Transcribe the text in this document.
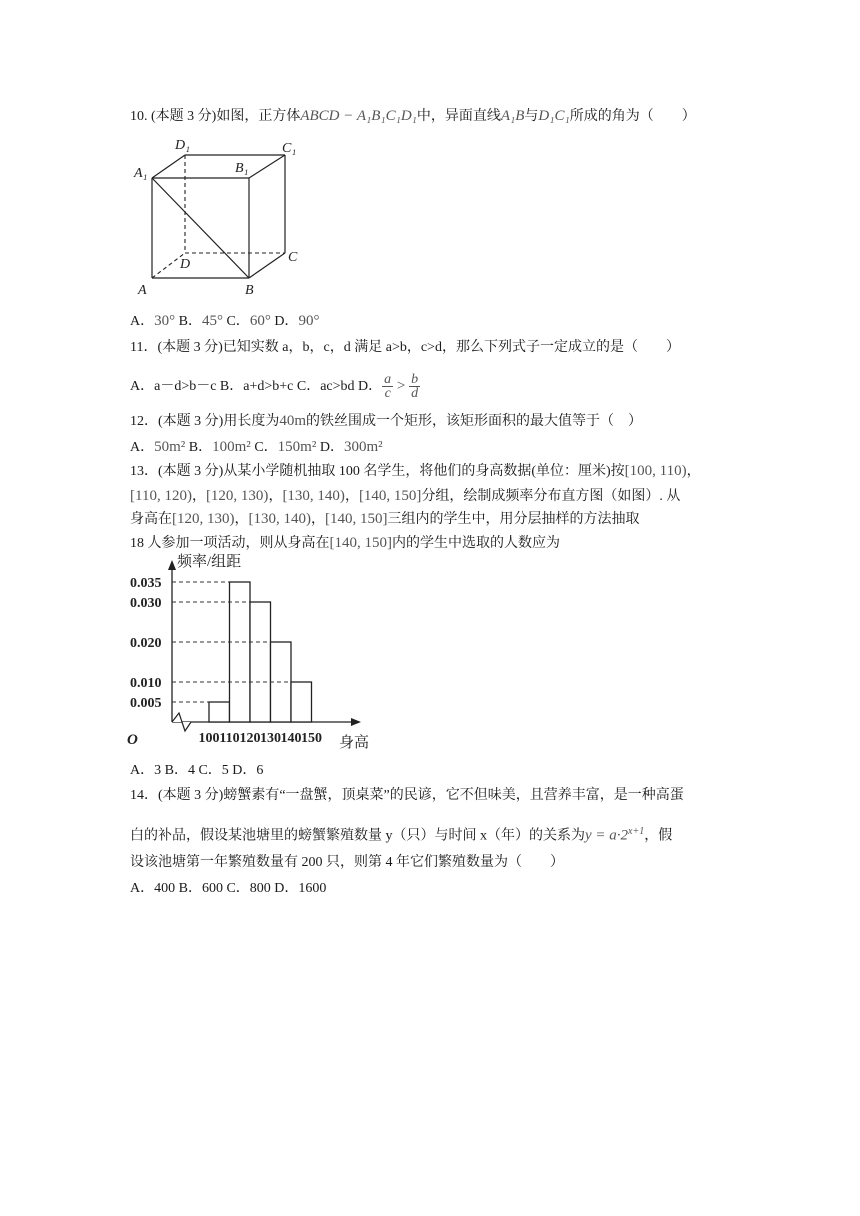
10. (本题 3 分)如图，正方体ABCD − A₁B₁C₁D₁中，异面直线A₁B与D₁C₁所成的角为（　　）
D₁	C₁
A₁	B₁
D	C
A	B
A．30° B．45° C．60° D．90°
11．(本题 3 分)已知实数 a，b，c，d 满足 a>b，c>d，那么下列式子一定成立的是（　　）
A．a－d>b－c B．a+d>b+c C．ac>bd D． $\frac{a}{c} > \frac{b}{d}$
12．(本题 3 分)用长度为40m的铁丝围成一个矩形，该矩形面积的最大值等于（　）
A．50m² B．100m² C．150m² D．300m²
13．(本题 3 分)从某小学随机抽取 100 名学生，将他们的身高数据(单位：厘米)按[100, 110)，
[110, 120)，[120, 130)，[130, 140)，[140, 150]分组，绘制成频率分布直方图（如图）. 从
身高在[120, 130)，[130, 140)，[140, 150]三组内的学生中，用分层抽样的方法抽取
18 人参加一项活动，则从身高在[140, 150]内的学生中选取的人数应为
0.035
0.030
0.020
0.010
0.005
100 110 120 130 140 150
频率/组距
身高
O
A．3 B．4 C．5 D．6
14．(本题 3 分)螃蟹素有“一盘蟹，顶桌菜”的民谚，它不但味美，且营养丰富，是一种高蛋
白的补品，假设某池塘里的螃蟹繁殖数量 y（只）与时间 x（年）的关系为$y = a\cdot 2^{x+1}$，假
设该池塘第一年繁殖数量有 200 只，则第 4 年它们繁殖数量为（　　）
A．400 B．600 C．800 D．1600
